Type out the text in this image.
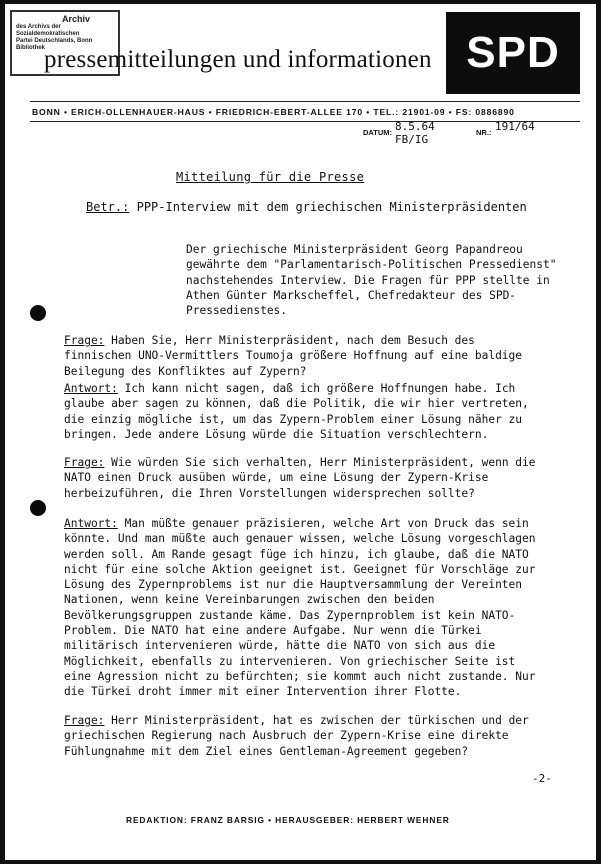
Archiv
des Archivs der Sozialdemokratischen
Partei Deutschlands, Bonn
Bibliothek
pressemitteilungen und informationen SPD
BONN • ERICH-OLLENHAUER-HAUS • FRIEDRICH-EBERT-ALLEE 170 • TEL.: 21901-09 • FS: 0886890
DATUM: 8.5.64
FB/IG
NR.: 191/64
Mitteilung für die Presse
Betr.: PPP-Interview mit dem griechischen Ministerpräsidenten

Der griechische Ministerpräsident Georg Papandreou gewährte dem "Parlamentarisch-Politischen Pressedienst" nachstehendes Interview. Die Fragen für PPP stellte in Athen Günter Markscheffel, Chefredakteur des SPD-Pressedienstes.

Frage: Haben Sie, Herr Ministerpräsident, nach dem Besuch des finnischen UNO-Vermittlers Toumoja größere Hoffnung auf eine baldige Beilegung des Konfliktes auf Zypern?

Antwort: Ich kann nicht sagen, daß ich größere Hoffnungen habe. Ich glaube aber sagen zu können, daß die Politik, die wir hier vertreten, die einzig mögliche ist, um das Zypern-Problem einer Lösung näher zu bringen. Jede andere Lösung würde die Situation verschlechtern.

Frage: Wie würden Sie sich verhalten, Herr Ministerpräsident, wenn die NATO einen Druck ausüben würde, um eine Lösung der Zypern-Krise herbeizuführen, die Ihren Vorstellungen widersprechen sollte?

Antwort: Man müßte genauer präzisieren, welche Art von Druck das sein könnte. Und man müßte auch genauer wissen, welche Lösung vorgeschlagen werden soll. Am Rande gesagt füge ich hinzu, ich glaube, daß die NATO nicht für eine solche Aktion geeignet ist. Geeignet für Vorschläge zur Lösung des Zypernproblems ist nur die Hauptversammlung der Vereinten Nationen, wenn keine Vereinbarungen zwischen den beiden Bevölkerungsgruppen zustande käme. Das Zypernproblem ist kein NATO-Problem. Die NATO hat eine andere Aufgabe. Nur wenn die Türkei militärisch intervenieren würde, hätte die NATO von sich aus die Möglichkeit, ebenfalls zu intervenieren. Von griechischer Seite ist eine Agression nicht zu befürchten; sie kommt auch nicht zustande. Nur die Türkei droht immer mit einer Intervention ihrer Flotte.

Frage: Herr Ministerpräsident, hat es zwischen der türkischen und der griechischen Regierung nach Ausbruch der Zypern-Krise eine direkte Fühlungnahme mit dem Ziel eines Gentleman-Agreement gegeben?

-2-
REDAKTION: FRANZ BARSIG • HERAUSGEBER: HERBERT WEHNER
